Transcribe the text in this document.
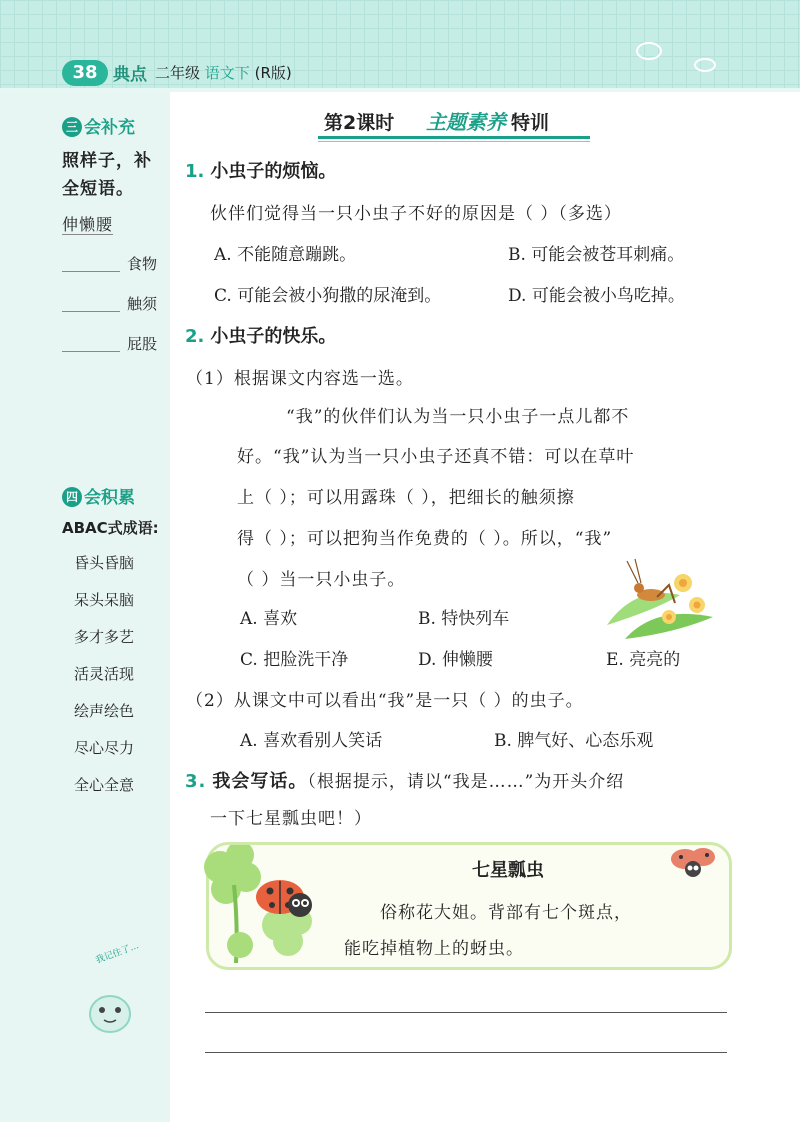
38 典点 二年级 语文下 (R版)
三 会补充
照样子，补
全短语。
伸懒腰
食物
触须
屁股
四 会积累
ABAC式成语:
昏头昏脑
呆头呆脑
多才多艺
活灵活现
绘声绘色
尽心尽力
全心全意
我记住了…
第2课时 主题素养 特训
1. 小虫子的烦恼。
伙伴们觉得当一只小虫子不好的原因是（ ）（多选）
A. 不能随意蹦跳。	B. 可能会被苍耳刺痛。
C. 可能会被小狗撒的尿淹到。	D. 可能会被小鸟吃掉。
2. 小虫子的快乐。
（1）根据课文内容选一选。
“我”的伙伴们认为当一只小虫子一点儿都不
好。“我”认为当一只小虫子还真不错：可以在草叶
上（ ）；可以用露珠（ ），把细长的触须擦
得（ ）；可以把狗当作免费的（ ）。所以，“我”
（ ）当一只小虫子。
A. 喜欢	B. 特快列车
C. 把脸洗干净	D. 伸懒腰	E. 亮亮的
（2）从课文中可以看出“我”是一只（ ）的虫子。
A. 喜欢看别人笑话	B. 脾气好、心态乐观
3. 我会写话。（根据提示，请以“我是……”为开头介绍
一下七星瓢虫吧！）
七星瓢虫
俗称花大姐。背部有七个斑点，
能吃掉植物上的蚜虫。
